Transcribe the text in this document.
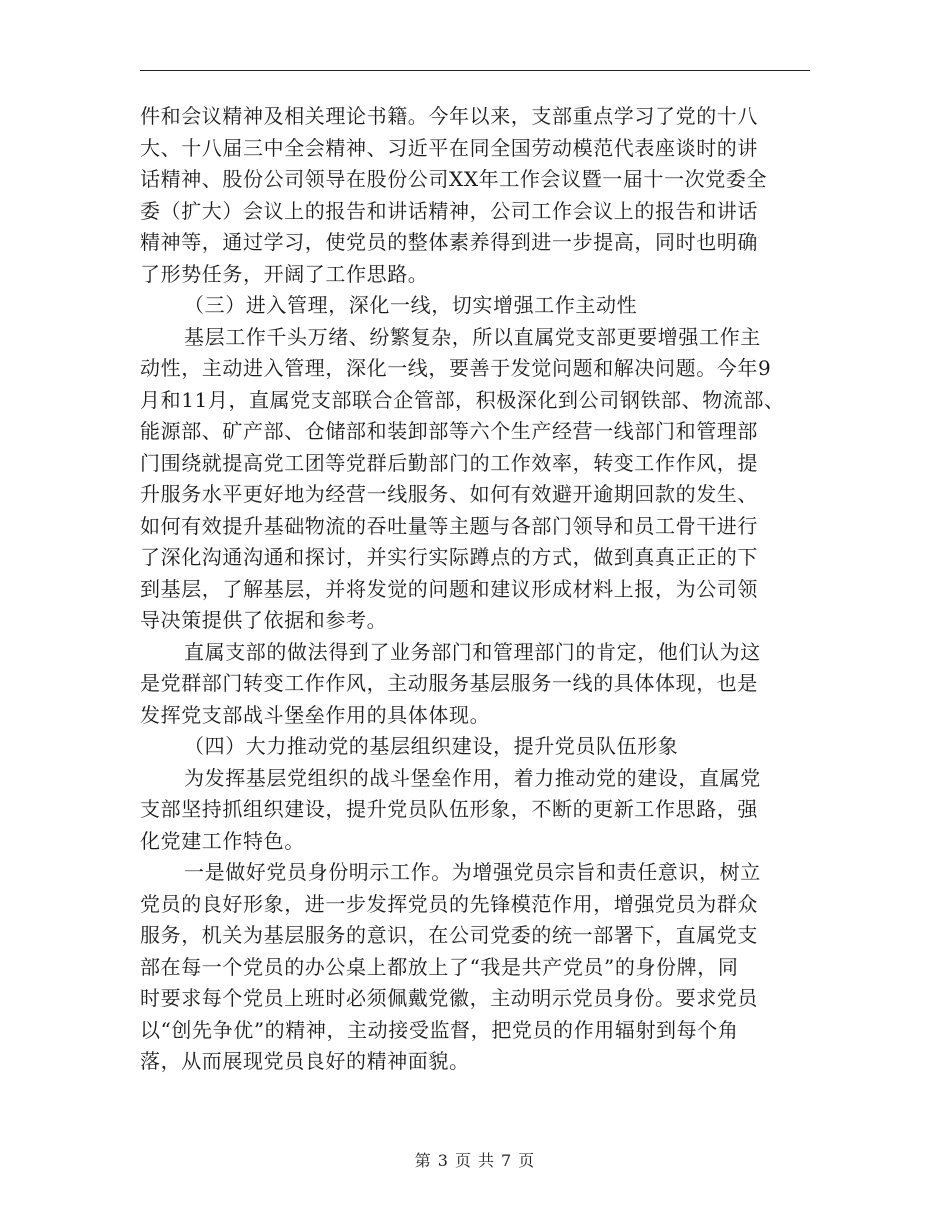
件和会议精神及相关理论书籍。今年以来，支部重点学习了党的十八
大、十八届三中全会精神、习近平在同全国劳动模范代表座谈时的讲
话精神、股份公司领导在股份公司XX年工作会议暨一届十一次党委全
委（扩大）会议上的报告和讲话精神，公司工作会议上的报告和讲话
精神等，通过学习，使党员的整体素养得到进一步提高，同时也明确
了形势任务，开阔了工作思路。
（三）进入管理，深化一线，切实增强工作主动性
基层工作千头万绪、纷繁复杂，所以直属党支部更要增强工作主
动性，主动进入管理，深化一线，要善于发觉问题和解决问题。今年9
月和11月，直属党支部联合企管部，积极深化到公司钢铁部、物流部、
能源部、矿产部、仓储部和装卸部等六个生产经营一线部门和管理部
门围绕就提高党工团等党群后勤部门的工作效率，转变工作作风，提
升服务水平更好地为经营一线服务、如何有效避开逾期回款的发生、
如何有效提升基础物流的吞吐量等主题与各部门领导和员工骨干进行
了深化沟通沟通和探讨，并实行实际蹲点的方式，做到真真正正的下
到基层，了解基层，并将发觉的问题和建议形成材料上报，为公司领
导决策提供了依据和参考。
直属支部的做法得到了业务部门和管理部门的肯定，他们认为这
是党群部门转变工作作风，主动服务基层服务一线的具体体现，也是
发挥党支部战斗堡垒作用的具体体现。
（四）大力推动党的基层组织建设，提升党员队伍形象
为发挥基层党组织的战斗堡垒作用，着力推动党的建设，直属党
支部坚持抓组织建设，提升党员队伍形象，不断的更新工作思路，强
化党建工作特色。
一是做好党员身份明示工作。为增强党员宗旨和责任意识，树立
党员的良好形象，进一步发挥党员的先锋模范作用，增强党员为群众
服务，机关为基层服务的意识，在公司党委的统一部署下，直属党支
部在每一个党员的办公桌上都放上了“我是共产党员”的身份牌，同
时要求每个党员上班时必须佩戴党徽，主动明示党员身份。要求党员
以“创先争优”的精神，主动接受监督，把党员的作用辐射到每个角
落，从而展现党员良好的精神面貌。
第 3 页 共 7 页
